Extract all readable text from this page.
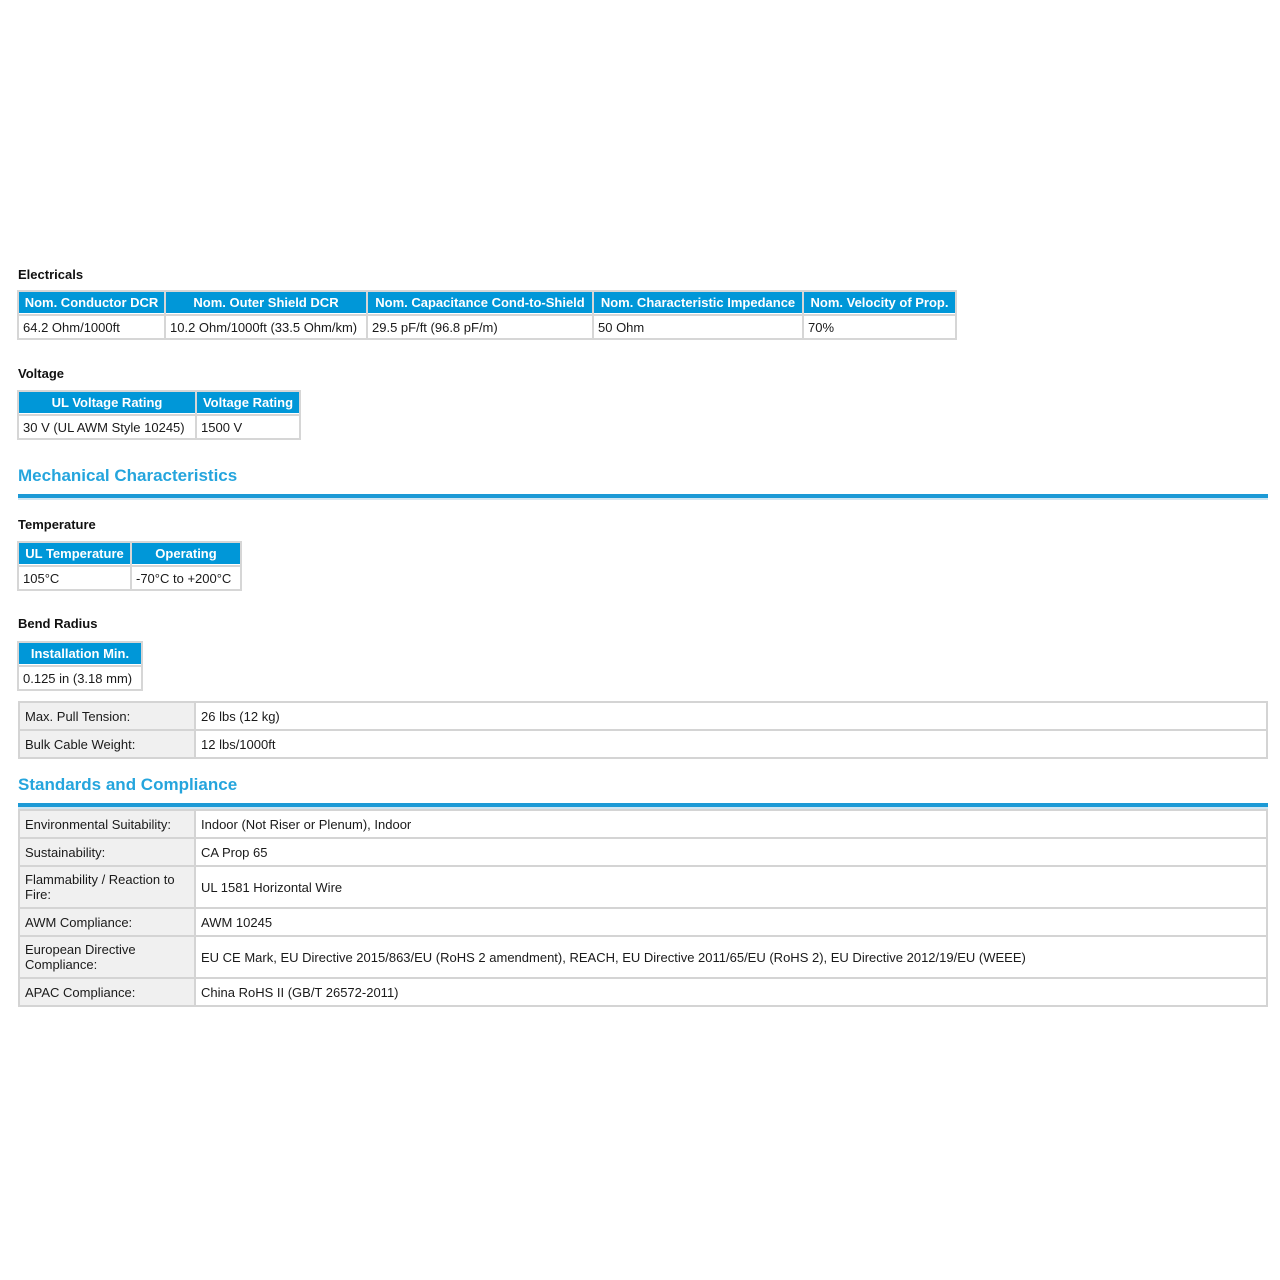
Electricals
Nom. Conductor DCR	Nom. Outer Shield DCR	Nom. Capacitance Cond-to-Shield	Nom. Characteristic Impedance	Nom. Velocity of Prop.
64.2 Ohm/1000ft	10.2 Ohm/1000ft (33.5 Ohm/km)	29.5 pF/ft (96.8 pF/m)	50 Ohm	70%
Voltage
UL Voltage Rating	Voltage Rating
30 V (UL AWM Style 10245)	1500 V
Mechanical Characteristics
Temperature
UL Temperature	Operating
105°C	-70°C to +200°C
Bend Radius
Installation Min.
0.125 in (3.18 mm)
Max. Pull Tension:	26 lbs (12 kg)
Bulk Cable Weight:	12 lbs/1000ft
Standards and Compliance
Environmental Suitability:	Indoor (Not Riser or Plenum), Indoor
Sustainability:	CA Prop 65
Flammability / Reaction to Fire:	UL 1581 Horizontal Wire
AWM Compliance:	AWM 10245
European Directive Compliance:	EU CE Mark, EU Directive 2015/863/EU (RoHS 2 amendment), REACH, EU Directive 2011/65/EU (RoHS 2), EU Directive 2012/19/EU (WEEE)
APAC Compliance:	China RoHS II (GB/T 26572-2011)
